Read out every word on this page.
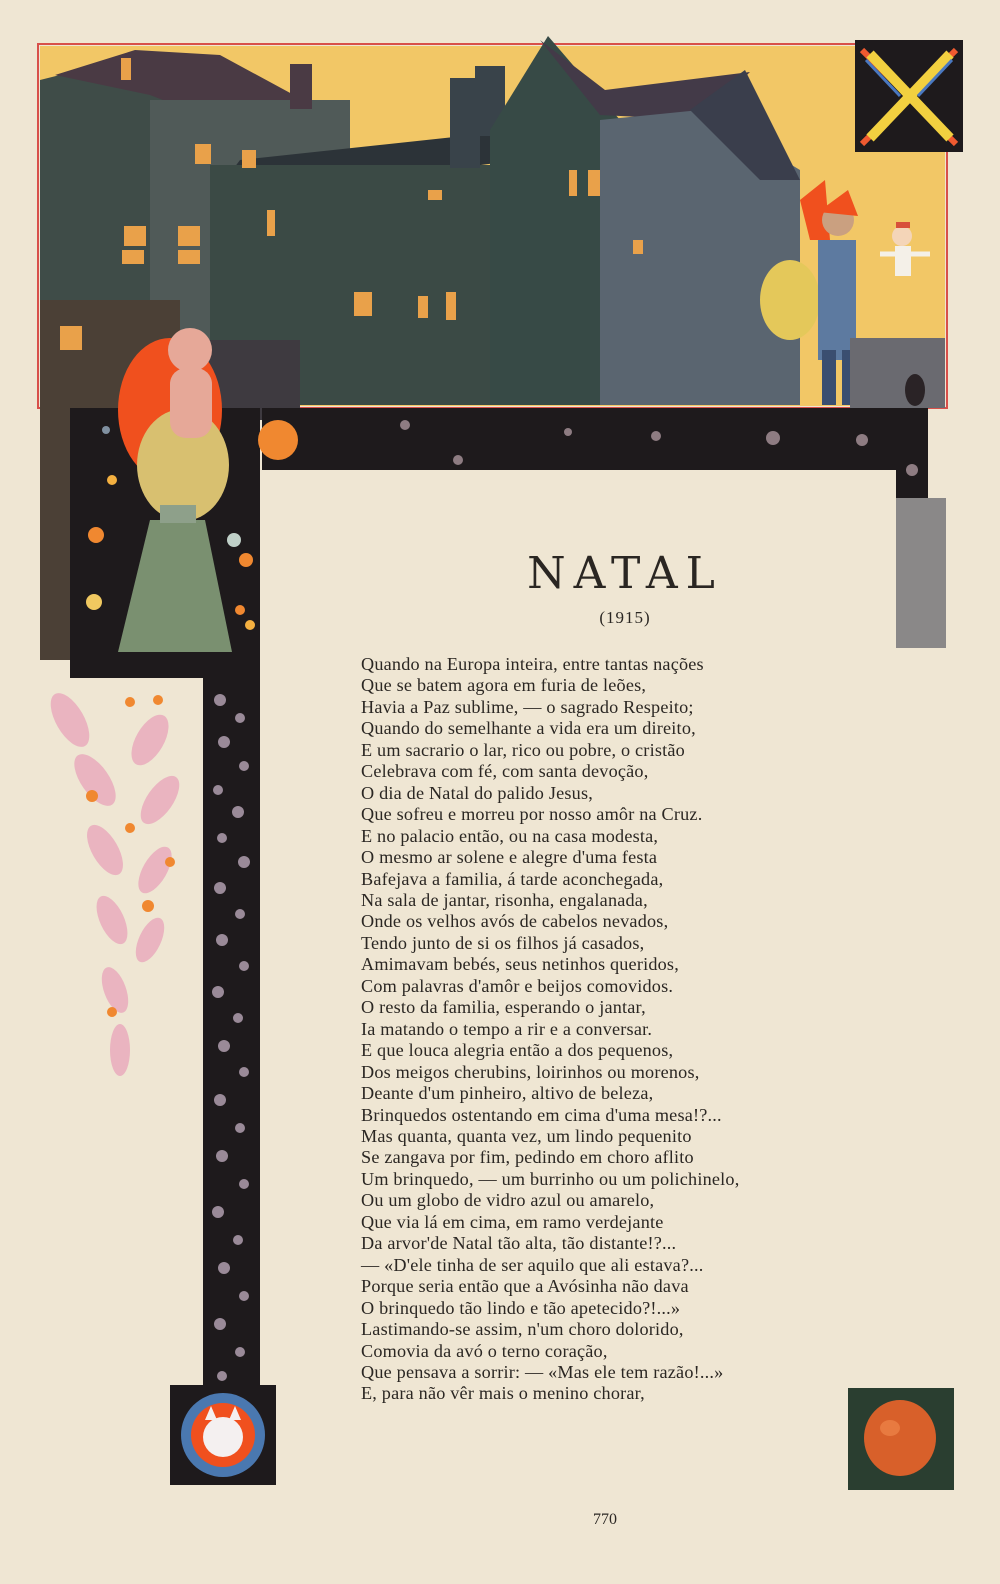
NATAL
(1915)
Quando na Europa inteira, entre tantas nações
Que se batem agora em furia de leões,
Havia a Paz sublime, — o sagrado Respeito;
Quando do semelhante a vida era um direito,
E um sacrario o lar, rico ou pobre, o cristão
Celebrava com fé, com santa devoção,
O dia de Natal do palido Jesus,
Que sofreu e morreu por nosso amôr na Cruz.
E no palacio então, ou na casa modesta,
O mesmo ar solene e alegre d'uma festa
Bafejava a familia, á tarde aconchegada,
Na sala de jantar, risonha, engalanada,
Onde os velhos avós de cabelos nevados,
Tendo junto de si os filhos já casados,
Amimavam bebés, seus netinhos queridos,
Com palavras d'amôr e beijos comovidos.
O resto da familia, esperando o jantar,
Ia matando o tempo a rir e a conversar.
E que louca alegria então a dos pequenos,
Dos meigos cherubins, loirinhos ou morenos,
Deante d'um pinheiro, altivo de beleza,
Brinquedos ostentando em cima d'uma mesa!?...
Mas quanta, quanta vez, um lindo pequenito
Se zangava por fim, pedindo em choro aflito
Um brinquedo, — um burrinho ou um polichinelo,
Ou um globo de vidro azul ou amarelo,
Que via lá em cima, em ramo verdejante
Da arvor'de Natal tão alta, tão distante!?...
— «D'ele tinha de ser aquilo que ali estava?...
Porque seria então que a Avósinha não dava
O brinquedo tão lindo e tão apetecido?!...»
Lastimando-se assim, n'um choro dolorido,
Comovia da avó o terno coração,
Que pensava a sorrir: — «Mas ele tem razão!...»
E, para não vêr mais o menino chorar,
770
